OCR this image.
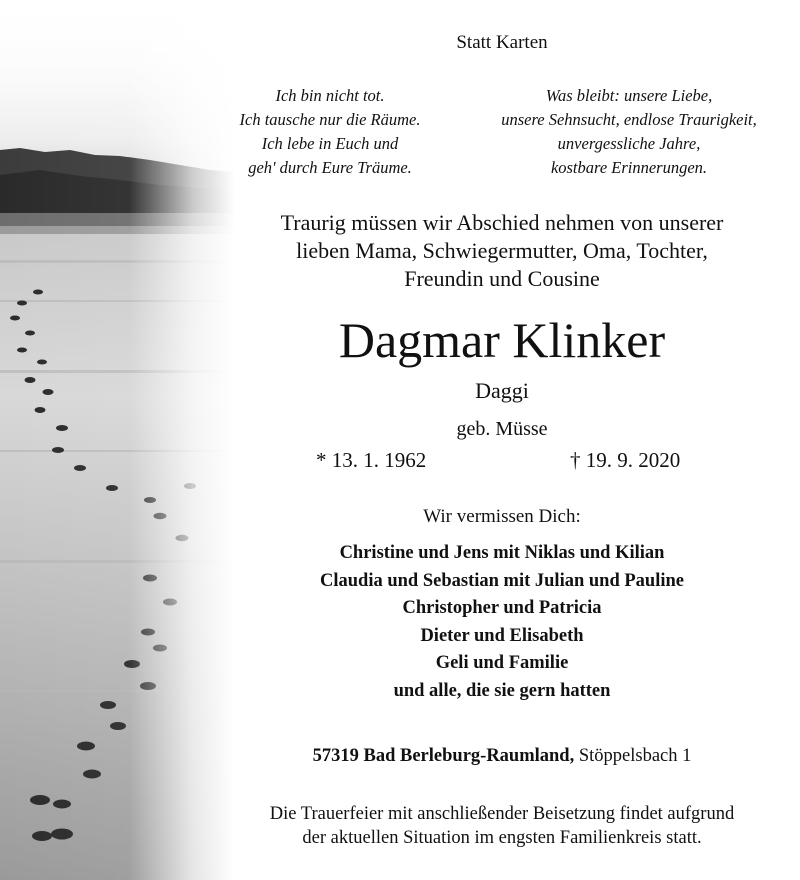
Statt Karten
Ich bin nicht tot.
Ich tausche nur die Räume.
Ich lebe in Euch und
geh' durch Eure Träume.
Was bleibt: unsere Liebe,
unsere Sehnsucht, endlose Traurigkeit,
unvergessliche Jahre,
kostbare Erinnerungen.
Traurig müssen wir Abschied nehmen von unserer
lieben Mama, Schwiegermutter, Oma, Tochter,
Freundin und Cousine
Dagmar Klinker
Daggi
geb. Müsse
* 13. 1. 1962	† 19. 9. 2020
Wir vermissen Dich:
Christine und Jens mit Niklas und Kilian
Claudia und Sebastian mit Julian und Pauline
Christopher und Patricia
Dieter und Elisabeth
Geli und Familie
und alle, die sie gern hatten
57319 Bad Berleburg-Raumland, Stöppelsbach 1
Die Trauerfeier mit anschließender Beisetzung findet aufgrund
der aktuellen Situation im engsten Familienkreis statt.
